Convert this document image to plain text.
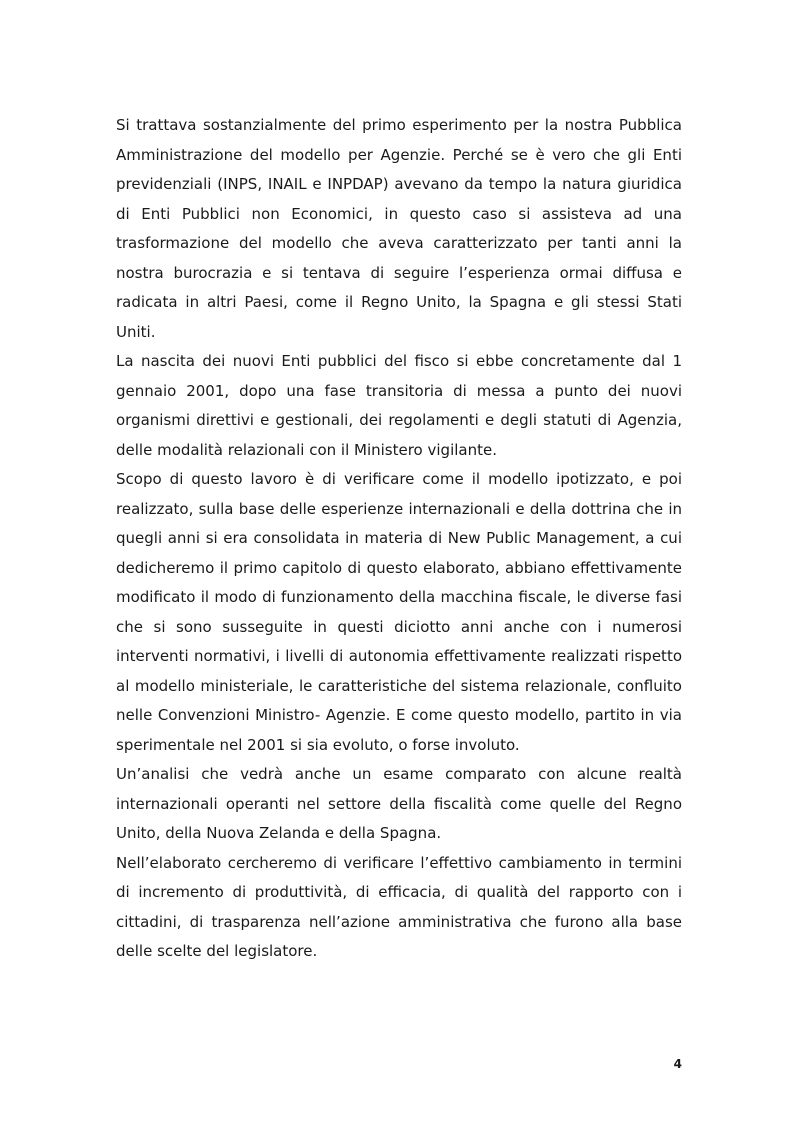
Si trattava sostanzialmente del primo esperimento per la nostra Pubblica Amministrazione del modello per Agenzie. Perché se è vero che gli Enti previdenziali (INPS, INAIL e INPDAP) avevano da tempo la natura giuridica di Enti Pubblici non Economici, in questo caso si assisteva ad una trasformazione del modello che aveva caratterizzato per tanti anni la nostra burocrazia e si tentava di seguire l’esperienza ormai diffusa e radicata in altri Paesi, come il Regno Unito, la Spagna e gli stessi Stati Uniti.

La nascita dei nuovi Enti pubblici del fisco si ebbe concretamente dal 1 gennaio 2001, dopo una fase transitoria di messa a punto dei nuovi organismi direttivi e gestionali, dei regolamenti e degli statuti di Agenzia, delle modalità relazionali con il Ministero vigilante.

Scopo di questo lavoro è di verificare come il modello ipotizzato, e poi realizzato, sulla base delle esperienze internazionali e della dottrina che in quegli anni si era consolidata in materia di New Public Management, a cui dedicheremo il primo capitolo di questo elaborato, abbiano effettivamente modificato il modo di funzionamento della macchina fiscale, le diverse fasi che si sono susseguite in questi diciotto anni anche con i numerosi interventi normativi, i livelli di autonomia effettivamente realizzati rispetto al modello ministeriale, le caratteristiche del sistema relazionale, confluito nelle Convenzioni Ministro- Agenzie. E come questo modello, partito in via sperimentale nel 2001 si sia evoluto, o forse involuto.

Un’analisi che vedrà anche un esame comparato con alcune realtà internazionali operanti nel settore della fiscalità come quelle del Regno Unito, della Nuova Zelanda e della Spagna.

Nell’elaborato cercheremo di verificare l’effettivo cambiamento in termini di incremento di produttività, di efficacia, di qualità del rapporto con i cittadini, di trasparenza nell’azione amministrativa che furono alla base delle scelte del legislatore.

4
